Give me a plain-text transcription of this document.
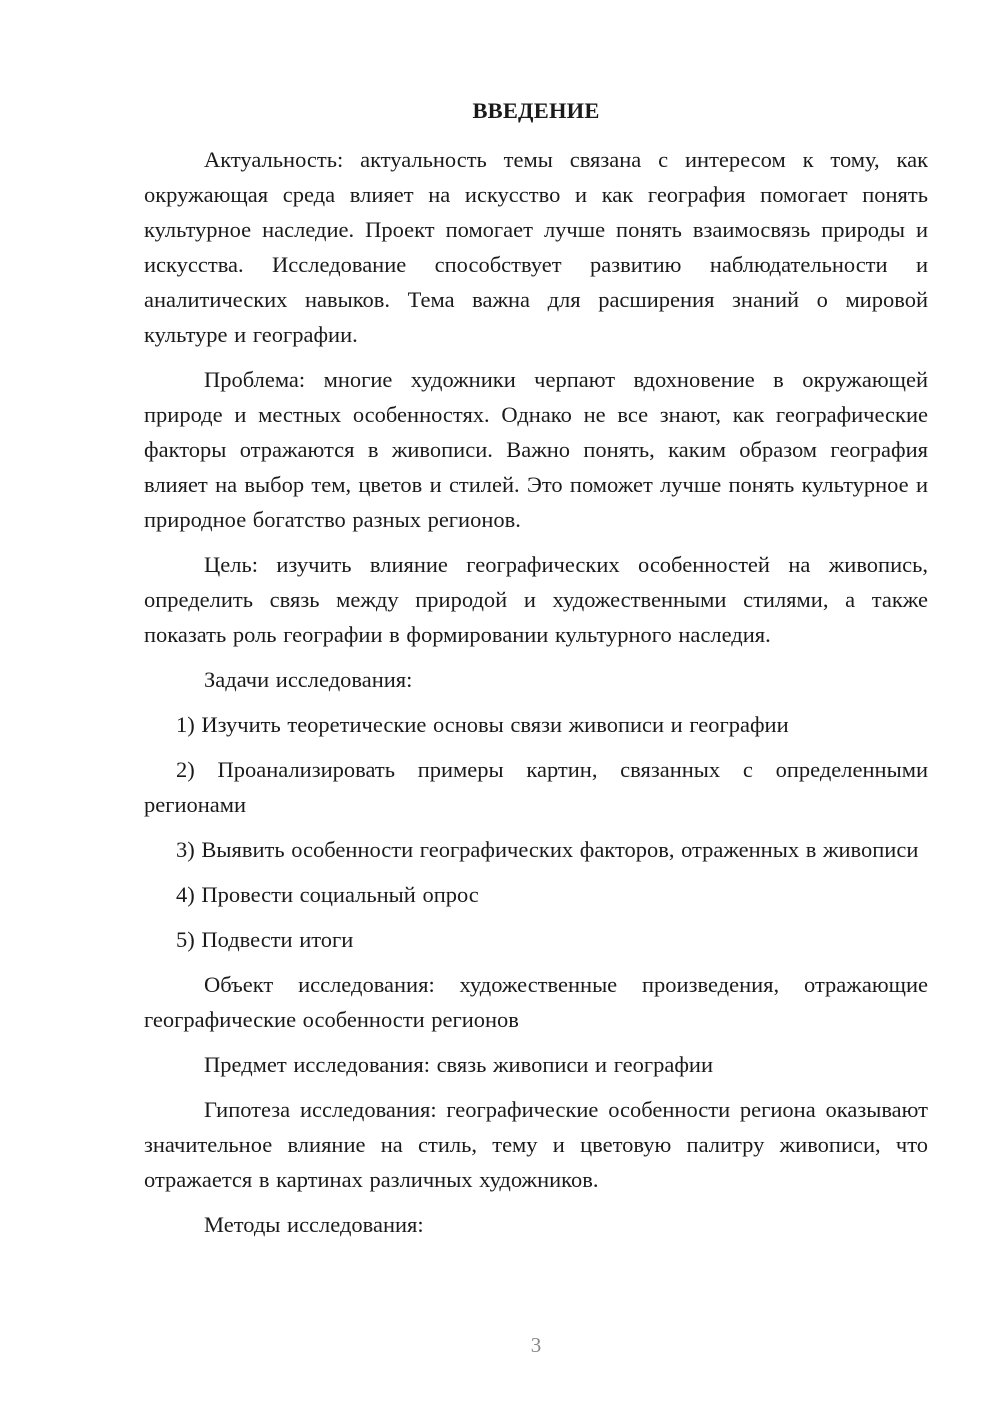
ВВЕДЕНИЕ

Актуальность: актуальность темы связана с интересом к тому, как окружающая среда влияет на искусство и как география помогает понять культурное наследие. Проект помогает лучше понять взаимосвязь природы и искусства. Исследование способствует развитию наблюдательности и аналитических навыков. Тема важна для расширения знаний о мировой культуре и географии.

Проблема: многие художники черпают вдохновение в окружающей природе и местных особенностях. Однако не все знают, как географические факторы отражаются в живописи. Важно понять, каким образом география влияет на выбор тем, цветов и стилей. Это поможет лучше понять культурное и природное богатство разных регионов.

Цель: изучить влияние географических особенностей на живопись, определить связь между природой и художественными стилями, а также показать роль географии в формировании культурного наследия.

Задачи исследования:

1) Изучить теоретические основы связи живописи и географии

2) Проанализировать примеры картин, связанных с определенными регионами

3) Выявить особенности географических факторов, отраженных в живописи

4) Провести социальный опрос

5) Подвести итоги

Объект исследования: художественные произведения, отражающие географические особенности регионов

Предмет исследования: связь живописи и географии

Гипотеза исследования: географические особенности региона оказывают значительное влияние на стиль, тему и цветовую палитру живописи, что отражается в картинах различных художников.

Методы исследования:

3
